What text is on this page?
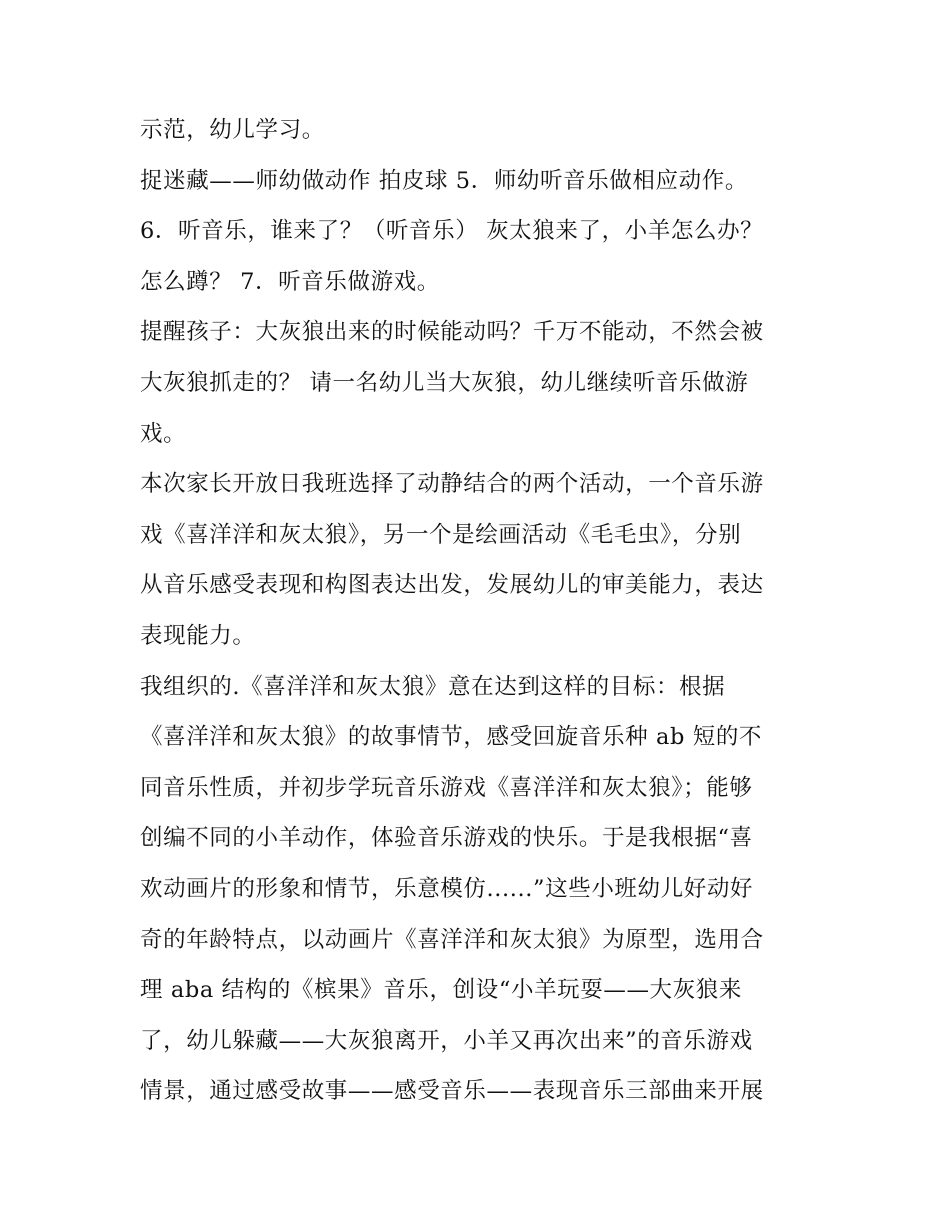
示范，幼儿学习。
捉迷藏——师幼做动作 拍皮球 5．师幼听音乐做相应动作。
6．听音乐，谁来了？（听音乐） 灰太狼来了，小羊怎么办？
怎么蹲？ 7．听音乐做游戏。
提醒孩子：大灰狼出来的时候能动吗？千万不能动，不然会被
大灰狼抓走的？ 请一名幼儿当大灰狼，幼儿继续听音乐做游
戏。
本次家长开放日我班选择了动静结合的两个活动，一个音乐游
戏《喜洋洋和灰太狼》，另一个是绘画活动《毛毛虫》，分别
从音乐感受表现和构图表达出发，发展幼儿的审美能力，表达
表现能力。
我组织的.《喜洋洋和灰太狼》意在达到这样的目标：根据
《喜洋洋和灰太狼》的故事情节，感受回旋音乐种 ab 短的不
同音乐性质，并初步学玩音乐游戏《喜洋洋和灰太狼》；能够
创编不同的小羊动作，体验音乐游戏的快乐。于是我根据“喜
欢动画片的形象和情节，乐意模仿......”这些小班幼儿好动好
奇的年龄特点，以动画片《喜洋洋和灰太狼》为原型，选用合
理 aba 结构的《槟果》音乐，创设“小羊玩耍——大灰狼来
了，幼儿躲藏——大灰狼离开，小羊又再次出来”的音乐游戏
情景，通过感受故事——感受音乐——表现音乐三部曲来开展
